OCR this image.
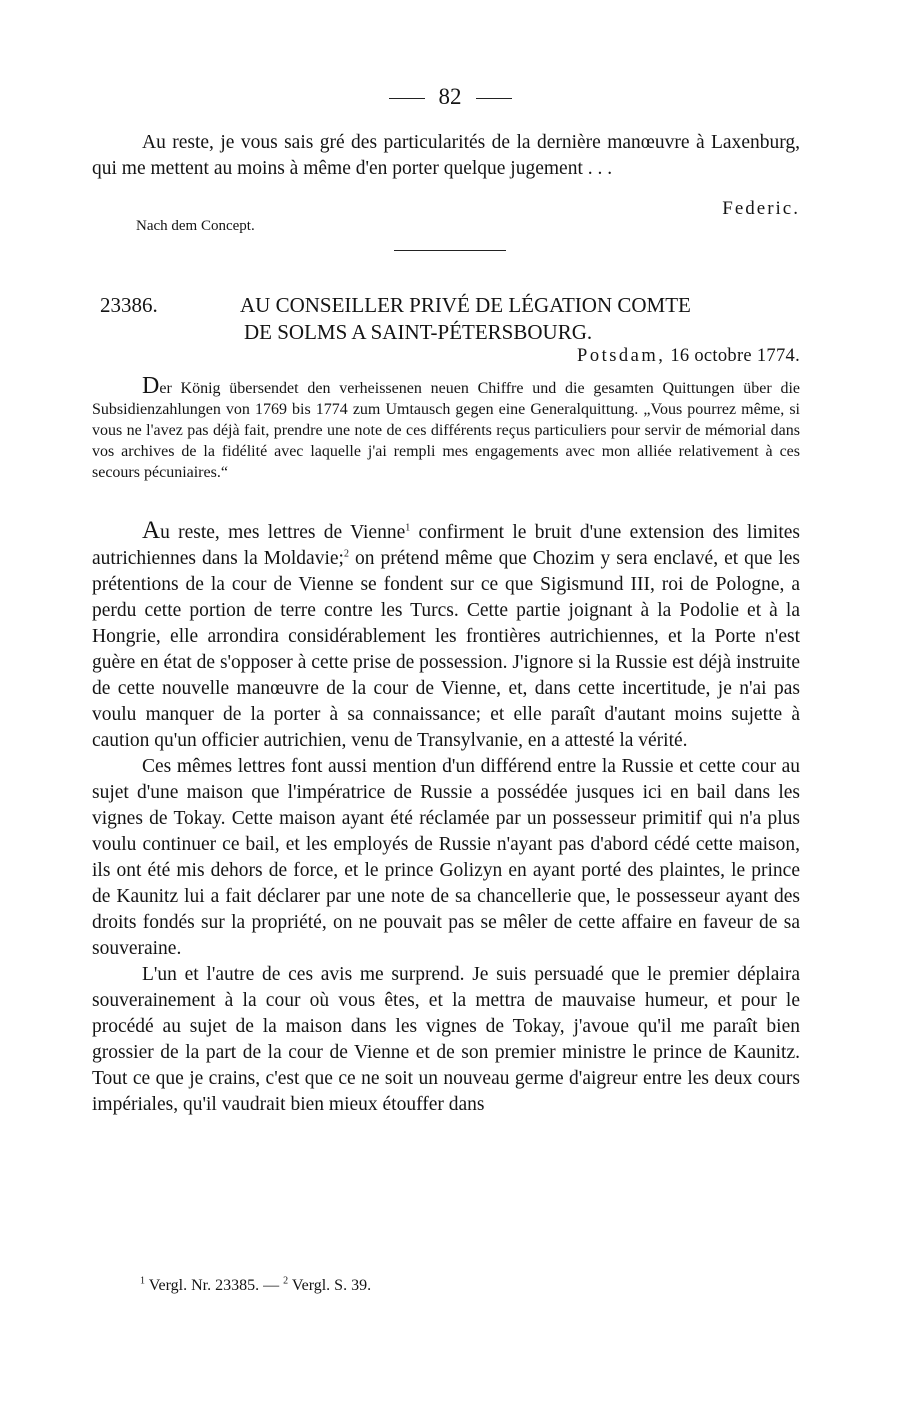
82

Au reste, je vous sais gré des particularités de la dernière manœuvre à Laxenburg, qui me mettent au moins à même d'en porter quelque jugement . . .

Federic.
Nach dem Concept.
23386.	AU CONSEILLER PRIVÉ DE LÉGATION COMTE
DE SOLMS A SAINT-PÉTERSBOURG.
Potsdam, 16 octobre 1774.

Der König übersendet den verheissenen neuen Chiffre und die gesamten Quittungen über die Subsidienzahlungen von 1769 bis 1774 zum Umtausch gegen eine Generalquittung. „Vous pourrez même, si vous ne l'avez pas déjà fait, prendre une note de ces différents reçus particuliers pour servir de mémorial dans vos archives de la fidélité avec laquelle j'ai rempli mes engagements avec mon alliée relativement à ces secours pécuniaires.“

Au reste, mes lettres de Vienne$^1$ confirment le bruit d'une extension des limites autrichiennes dans la Moldavie;$^2$ on prétend même que Chozim y sera enclavé, et que les prétentions de la cour de Vienne se fondent sur ce que Sigismund III, roi de Pologne, a perdu cette portion de terre contre les Turcs. Cette partie joignant à la Podolie et à la Hongrie, elle arrondira considérablement les frontières autrichiennes, et la Porte n'est guère en état de s'opposer à cette prise de possession. J'ignore si la Russie est déjà instruite de cette nouvelle manœuvre de la cour de Vienne, et, dans cette incertitude, je n'ai pas voulu manquer de la porter à sa connaissance; et elle paraît d'autant moins sujette à caution qu'un officier autrichien, venu de Transylvanie, en a attesté la vérité.

Ces mêmes lettres font aussi mention d'un différend entre la Russie et cette cour au sujet d'une maison que l'impératrice de Russie a possédée jusques ici en bail dans les vignes de Tokay. Cette maison ayant été réclamée par un possesseur primitif qui n'a plus voulu continuer ce bail, et les employés de Russie n'ayant pas d'abord cédé cette maison, ils ont été mis dehors de force, et le prince Golizyn en ayant porté des plaintes, le prince de Kaunitz lui a fait déclarer par une note de sa chancellerie que, le possesseur ayant des droits fondés sur la propriété, on ne pouvait pas se mêler de cette affaire en faveur de sa souveraine.

L'un et l'autre de ces avis me surprend. Je suis persuadé que le premier déplaira souverainement à la cour où vous êtes, et la mettra de mauvaise humeur, et pour le procédé au sujet de la maison dans les vignes de Tokay, j'avoue qu'il me paraît bien grossier de la part de la cour de Vienne et de son premier ministre le prince de Kaunitz. Tout ce que je crains, c'est que ce ne soit un nouveau germe d'aigreur entre les deux cours impériales, qu'il vaudrait bien mieux étouffer dans

$^1$ Vergl. Nr. 23385. — $^2$ Vergl. S. 39.
